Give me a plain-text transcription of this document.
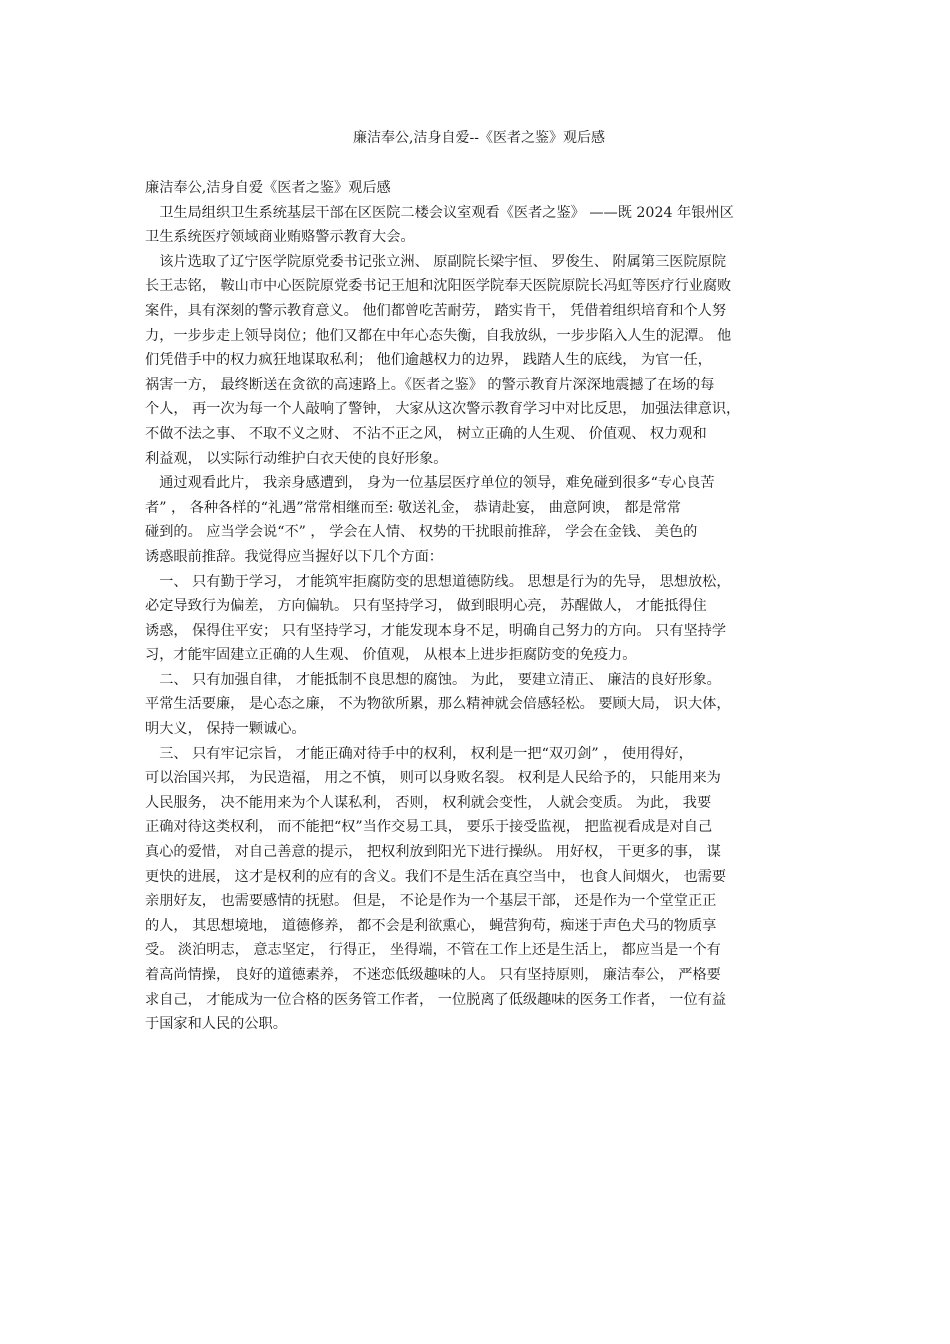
廉洁奉公,洁身自爱--《医者之鉴》观后感
廉洁奉公,洁身自爱《医者之鉴》观后感
　卫生局组织卫生系统基层干部在区医院二楼会议室观看《医者之鉴》 ——既 2024 年银州区
卫生系统医疗领域商业贿赂警示教育大会。
　该片选取了辽宁医学院原党委书记张立洲、 原副院长梁宇恒、 罗俊生、 附属第三医院原院
长王志铭， 鞍山市中心医院原党委书记王旭和沈阳医学院奉天医院原院长冯虹等医疗行业腐败
案件，具有深刻的警示教育意义。 他们都曾吃苦耐劳， 踏实肯干， 凭借着组织培育和个人努
力，一步步走上领导岗位；他们又都在中年心态失衡，自我放纵，一步步陷入人生的泥潭。 他
们凭借手中的权力疯狂地谋取私利； 他们逾越权力的边界， 践踏人生的底线， 为官一任，
祸害一方， 最终断送在贪欲的高速路上。《医者之鉴》 的警示教育片深深地震撼了在场的每
个人， 再一次为每一个人敲响了警钟， 大家从这次警示教育学习中对比反思， 加强法律意识，
不做不法之事、 不取不义之财、 不沾不正之风， 树立正确的人生观、 价值观、 权力观和
利益观， 以实际行动维护白衣天使的良好形象。
　通过观看此片， 我亲身感遭到， 身为一位基层医疗单位的领导，难免碰到很多“专心良苦
者” ， 各种各样的“礼遇”常常相继而至: 敬送礼金， 恭请赴宴， 曲意阿谀， 都是常常
碰到的。 应当学会说“不” ， 学会在人情、 权势的干扰眼前推辞， 学会在金钱、 美色的
诱惑眼前推辞。我觉得应当握好以下几个方面：
　一、 只有勤于学习， 才能筑牢拒腐防变的思想道德防线。 思想是行为的先导， 思想放松，
必定导致行为偏差， 方向偏轨。 只有坚持学习， 做到眼明心亮， 苏醒做人， 才能抵得住
诱惑， 保得住平安； 只有坚持学习，才能发现本身不足，明确自己努力的方向。 只有坚持学
习，才能牢固建立正确的人生观、 价值观， 从根本上进步拒腐防变的免疫力。
　二、 只有加强自律， 才能抵制不良思想的腐蚀。 为此， 要建立清正、 廉洁的良好形象。
平常生活要廉， 是心态之廉， 不为物欲所累，那么精神就会倍感轻松。 要顾大局， 识大体，
明大义， 保持一颗诚心。
　三、 只有牢记宗旨， 才能正确对待手中的权利， 权利是一把“双刃剑” ， 使用得好，
可以治国兴邦， 为民造福， 用之不慎， 则可以身败名裂。 权利是人民给予的， 只能用来为
人民服务， 决不能用来为个人谋私利， 否则， 权利就会变性， 人就会变质。 为此， 我要
正确对待这类权利， 而不能把“权”当作交易工具， 要乐于接受监视， 把监视看成是对自己
真心的爱惜， 对自己善意的提示， 把权利放到阳光下进行操纵。 用好权， 干更多的事， 谋
更快的进展， 这才是权利的应有的含义。我们不是生活在真空当中， 也食人间烟火， 也需要
亲朋好友， 也需要感情的抚慰。 但是， 不论是作为一个基层干部， 还是作为一个堂堂正正
的人， 其思想境地， 道德修养， 都不会是利欲熏心， 蝇营狗苟，痴迷于声色犬马的物质享
受。 淡泊明志， 意志坚定， 行得正， 坐得端，不管在工作上还是生活上， 都应当是一个有
着高尚情操， 良好的道德素养， 不迷恋低级趣味的人。 只有坚持原则， 廉洁奉公， 严格要
求自己， 才能成为一位合格的医务管工作者， 一位脱离了低级趣味的医务工作者， 一位有益
于国家和人民的公职。
